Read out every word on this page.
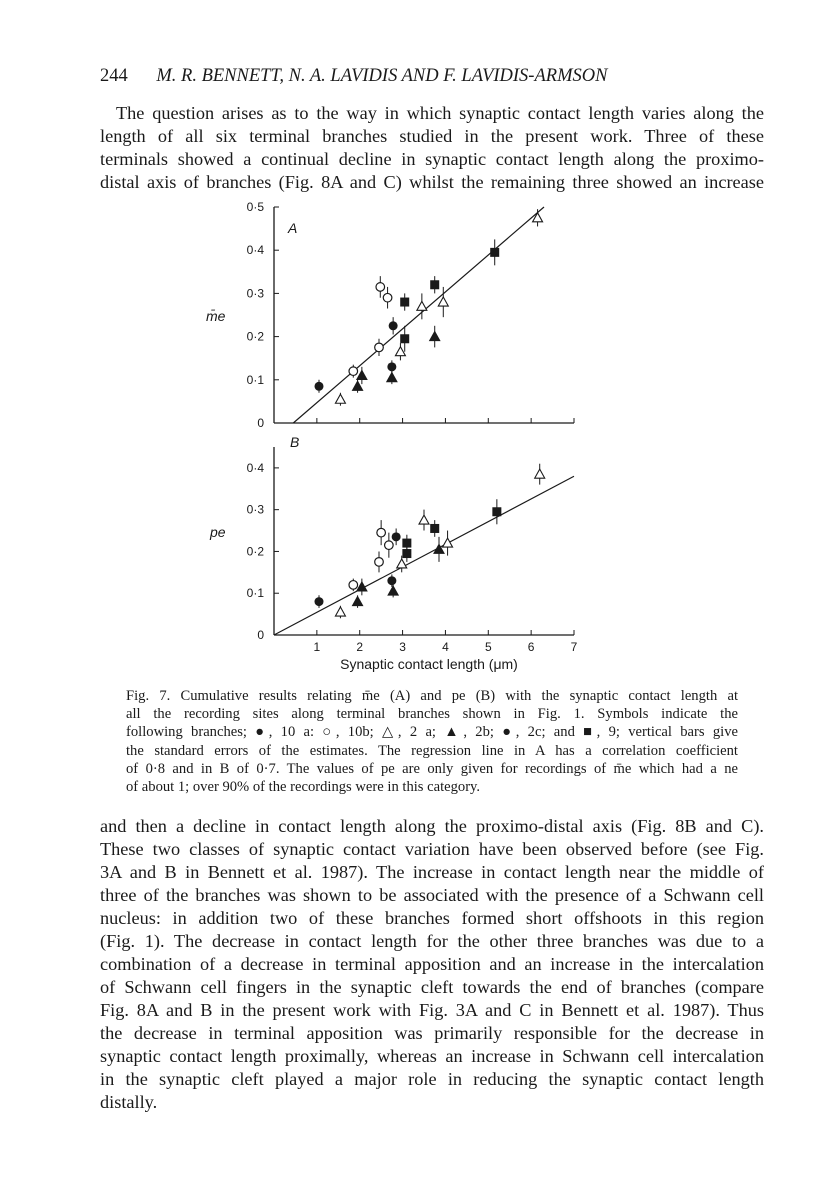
244 M. R. BENNETT, N. A. LAVIDIS AND F. LAVIDIS-ARMSON

The question arises as to the way in which synaptic contact length varies along the
length of all six terminal branches studied in the present work. Three of these
terminals showed a continual decline in synaptic contact length along the proximo-
distal axis of branches (Fig. 8A and C) whilst the remaining three showed an increase

m̄e
pe
A
B
Synaptic contact length (μm)
0
0·1
0·2
0·3
0·4
0·5
0
0·1
0·2
0·3
0·4
1	2	3	4	5	6	7

Fig. 7. Cumulative results relating m̄e (A) and pe (B) with the synaptic contact length at
all the recording sites along terminal branches shown in Fig. 1. Symbols indicate the
following branches; ●, 10 a: ○, 10b; △, 2 a; ▲, 2b; ●, 2c; and ■, 9; vertical bars give
the standard errors of the estimates. The regression line in A has a correlation coefficient
of 0·8 and in B of 0·7. The values of pe are only given for recordings of m̄e which had a ne
of about 1; over 90% of the recordings were in this category.

and then a decline in contact length along the proximo-distal axis (Fig. 8B and C).
These two classes of synaptic contact variation have been observed before (see Fig.
3A and B in Bennett et al. 1987). The increase in contact length near the middle of
three of the branches was shown to be associated with the presence of a Schwann cell
nucleus: in addition two of these branches formed short offshoots in this region
(Fig. 1). The decrease in contact length for the other three branches was due to a
combination of a decrease in terminal apposition and an increase in the intercalation
of Schwann cell fingers in the synaptic cleft towards the end of branches (compare
Fig. 8A and B in the present work with Fig. 3A and C in Bennett et al. 1987). Thus
the decrease in terminal apposition was primarily responsible for the decrease in
synaptic contact length proximally, whereas an increase in Schwann cell intercalation
in the synaptic cleft played a major role in reducing the synaptic contact length
distally.
